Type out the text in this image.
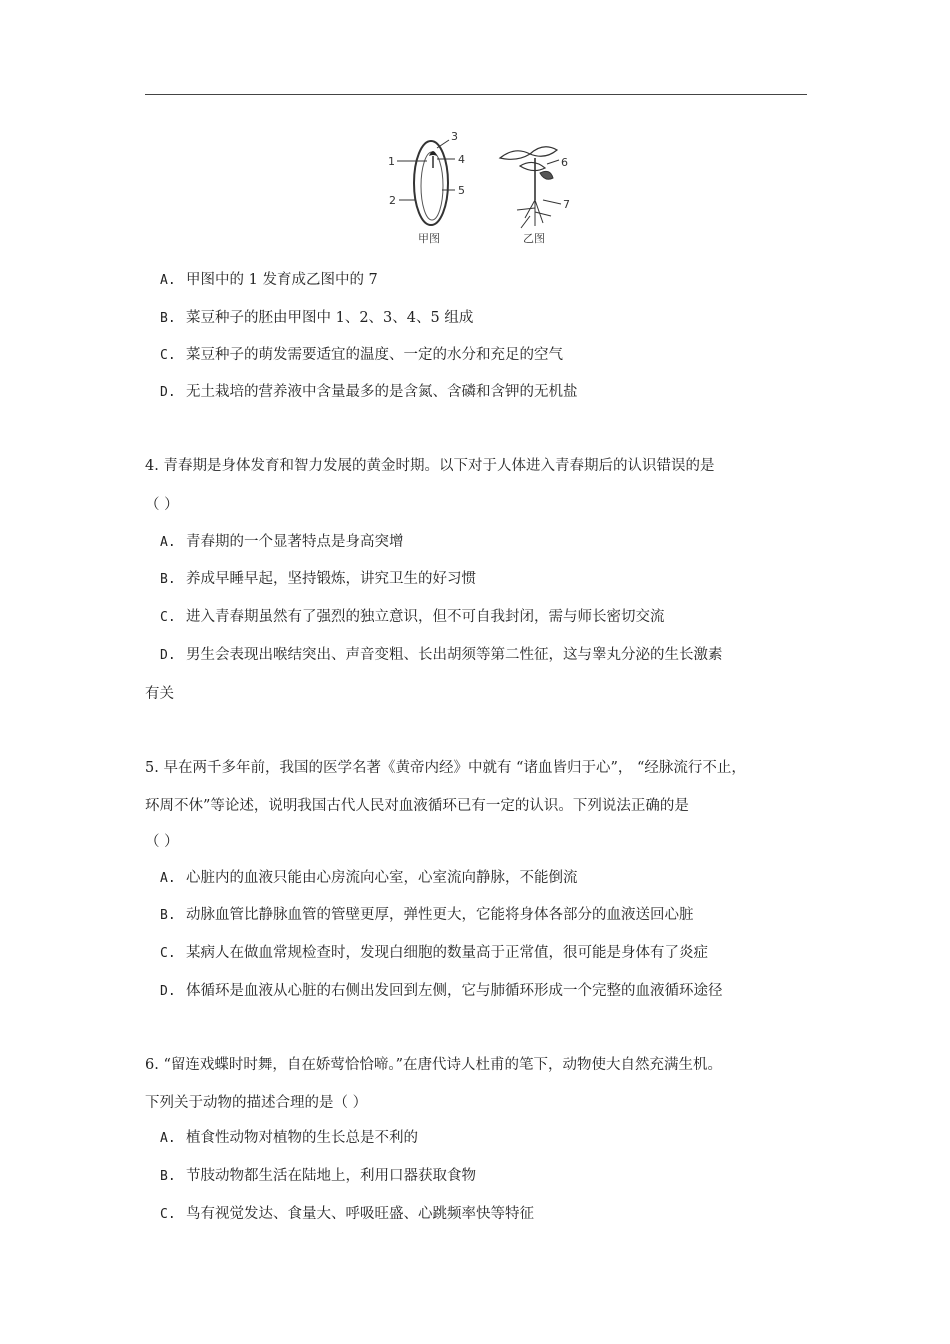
1
2
3
4
5
甲图
6
7
乙图
A. 甲图中的 1 发育成乙图中的 7
B. 菜豆种子的胚由甲图中 1、2、3、4、5 组成
C. 菜豆种子的萌发需要适宜的温度、一定的水分和充足的空气
D. 无土栽培的营养液中含量最多的是含氮、含磷和含钾的无机盐
4. 青春期是身体发育和智力发展的黄金时期。以下对于人体进入青春期后的认识错误的是
（ ）
A. 青春期的一个显著特点是身高突增
B. 养成早睡早起，坚持锻炼，讲究卫生的好习惯
C. 进入青春期虽然有了强烈的独立意识，但不可自我封闭，需与师长密切交流
D. 男生会表现出喉结突出、声音变粗、长出胡须等第二性征，这与睾丸分泌的生长激素
有关
5. 早在两千多年前，我国的医学名著《黄帝内经》中就有 “诸血皆归于心”， “经脉流行不止，
环周不休”等论述，说明我国古代人民对血液循环已有一定的认识。下列说法正确的是
（ ）
A. 心脏内的血液只能由心房流向心室，心室流向静脉，不能倒流
B. 动脉血管比静脉血管的管壁更厚，弹性更大，它能将身体各部分的血液送回心脏
C. 某病人在做血常规检查时，发现白细胞的数量高于正常值，很可能是身体有了炎症
D. 体循环是血液从心脏的右侧出发回到左侧，它与肺循环形成一个完整的血液循环途径
6. “留连戏蝶时时舞，自在娇莺恰恰啼。”在唐代诗人杜甫的笔下，动物使大自然充满生机。
下列关于动物的描述合理的是（ ）
A. 植食性动物对植物的生长总是不利的
B. 节肢动物都生活在陆地上，利用口器获取食物
C. 鸟有视觉发达、食量大、呼吸旺盛、心跳频率快等特征
